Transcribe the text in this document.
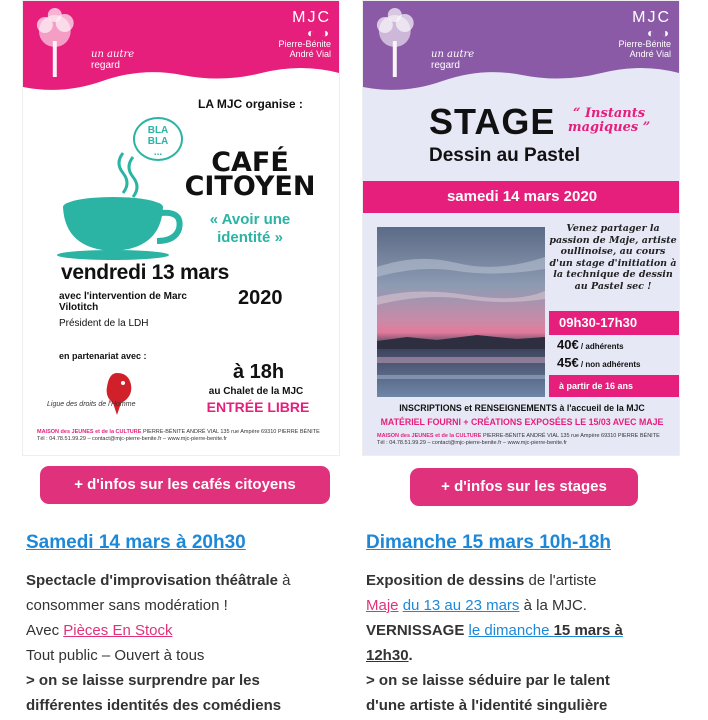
un autre
regard
MJC
◐ ◑
Pierre-Bénite
André Vial
LA MJC organise :
BLA
BLA
...	CAFÉ
CITOYEN
« Avoir une identité »
vendredi 13 mars
2020
avec l'intervention de Marc Vilotitch
Président de la LDH
en partenariat avec :
Ligue des droits de l'Homme
à 18h
au Chalet de la MJC
ENTRÉE LIBRE
MAISON des JEUNES et de la CULTURE PIERRE-BÉNITE ANDRÉ VIAL 135 rue Ampère 69310 PIERRE BÉNITE
Tél : 04.78.51.99.29 – contact@mjc-pierre-benite.fr – www.mjc-pierre-benite.fr
+ d'infos sur les cafés citoyens
Samedi 14 mars à 20h30
Spectacle d'improvisation théâtrale à
consommer sans modération !
Avec Pièces En Stock
Tout public – Ouvert à tous
> on se laisse surprendre par les
différentes identités des comédiens
un autre
regard
MJC
◐ ◑
Pierre-Bénite
André Vial
STAGE	“ Instants magiques ”
Dessin au Pastel
samedi 14 mars 2020
Venez partager la passion de Maje, artiste oullinoise, au cours d'un stage d'initiation à la technique de dessin au Pastel sec !
09h30-17h30
40€ / adhérents
45€ / non adhérents
à partir de 16 ans
INSCRIPTIONS et RENSEIGNEMENTS à l'accueil de la MJC
MATÉRIEL FOURNI + CRÉATIONS EXPOSÉES LE 15/03 AVEC MAJE
MAISON des JEUNES et de la CULTURE PIERRE-BÉNITE ANDRÉ VIAL 135 rue Ampère 69310 PIERRE BÉNITE
Tél : 04.78.51.99.29 – contact@mjc-pierre-benite.fr – www.mjc-pierre-benite.fr
+ d'infos sur les stages
Dimanche 15 mars 10h-18h
Exposition de dessins de l'artiste
Maje du 13 au 23 mars à la MJC.
VERNISSAGE le dimanche 15 mars à
12h30.
> on se laisse séduire par le talent
d'une artiste à l'identité singulière
